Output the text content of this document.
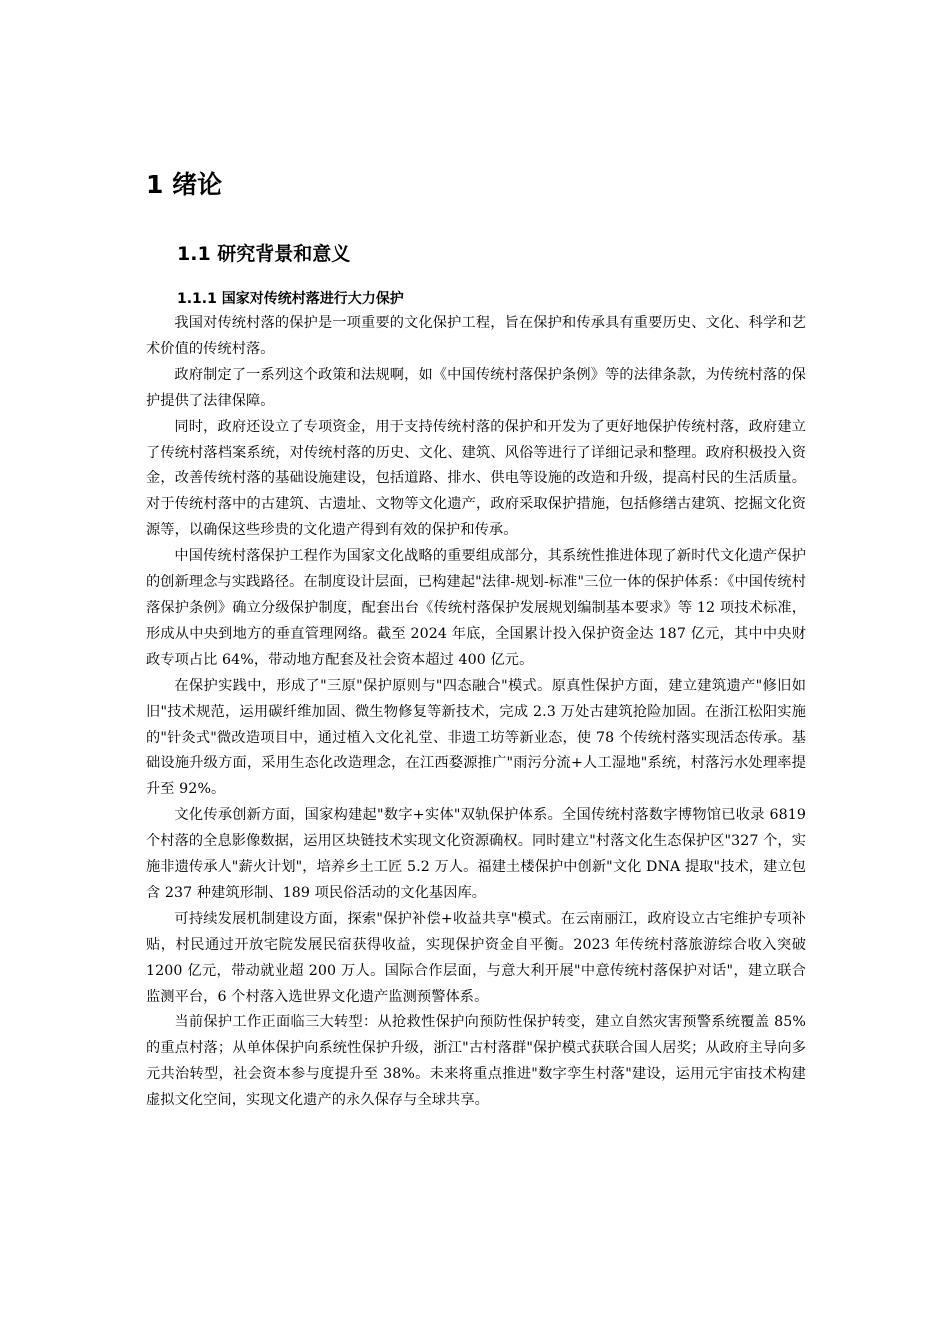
1 绪论
1.1 研究背景和意义
1.1.1 国家对传统村落进行大力保护

我国对传统村落的保护是一项重要的文化保护工程，旨在保护和传承具有重要历史、文化、科学和艺术价值的传统村落。

政府制定了一系列这个政策和法规啊，如《中国传统村落保护条例》等的法律条款，为传统村落的保护提供了法律保障。

同时，政府还设立了专项资金，用于支持传统村落的保护和开发为了更好地保护传统村落，政府建立了传统村落档案系统，对传统村落的历史、文化、建筑、风俗等进行了详细记录和整理。政府积极投入资金，改善传统村落的基础设施建设，包括道路、排水、供电等设施的改造和升级，提高村民的生活质量。对于传统村落中的古建筑、古遗址、文物等文化遗产，政府采取保护措施，包括修缮古建筑、挖掘文化资源等，以确保这些珍贵的文化遗产得到有效的保护和传承。

中国传统村落保护工程作为国家文化战略的重要组成部分，其系统性推进体现了新时代文化遗产保护的创新理念与实践路径。在制度设计层面，已构建起"法律-规划-标准"三位一体的保护体系：《中国传统村落保护条例》确立分级保护制度，配套出台《传统村落保护发展规划编制基本要求》等 12 项技术标准，形成从中央到地方的垂直管理网络。截至 2024 年底，全国累计投入保护资金达 187 亿元，其中中央财政专项占比 64%，带动地方配套及社会资本超过 400 亿元。

在保护实践中，形成了"三原"保护原则与"四态融合"模式。原真性保护方面，建立建筑遗产"修旧如旧"技术规范，运用碳纤维加固、微生物修复等新技术，完成 2.3 万处古建筑抢险加固。在浙江松阳实施的"针灸式"微改造项目中，通过植入文化礼堂、非遗工坊等新业态，使 78 个传统村落实现活态传承。基础设施升级方面，采用生态化改造理念，在江西婺源推广"雨污分流+人工湿地"系统，村落污水处理率提升至 92%。

文化传承创新方面，国家构建起"数字+实体"双轨保护体系。全国传统村落数字博物馆已收录 6819 个村落的全息影像数据，运用区块链技术实现文化资源确权。同时建立"村落文化生态保护区"327 个，实施非遗传承人"薪火计划"，培养乡土工匠 5.2 万人。福建土楼保护中创新"文化 DNA 提取"技术，建立包含 237 种建筑形制、189 项民俗活动的文化基因库。

可持续发展机制建设方面，探索"保护补偿+收益共享"模式。在云南丽江，政府设立古宅维护专项补贴，村民通过开放宅院发展民宿获得收益，实现保护资金自平衡。2023 年传统村落旅游综合收入突破 1200 亿元，带动就业超 200 万人。国际合作层面，与意大利开展"中意传统村落保护对话"，建立联合监测平台，6 个村落入选世界文化遗产监测预警体系。

当前保护工作正面临三大转型：从抢救性保护向预防性保护转变，建立自然灾害预警系统覆盖 85%的重点村落；从单体保护向系统性保护升级，浙江"古村落群"保护模式获联合国人居奖；从政府主导向多元共治转型，社会资本参与度提升至 38%。未来将重点推进"数字孪生村落"建设，运用元宇宙技术构建虚拟文化空间，实现文化遗产的永久保存与全球共享。
